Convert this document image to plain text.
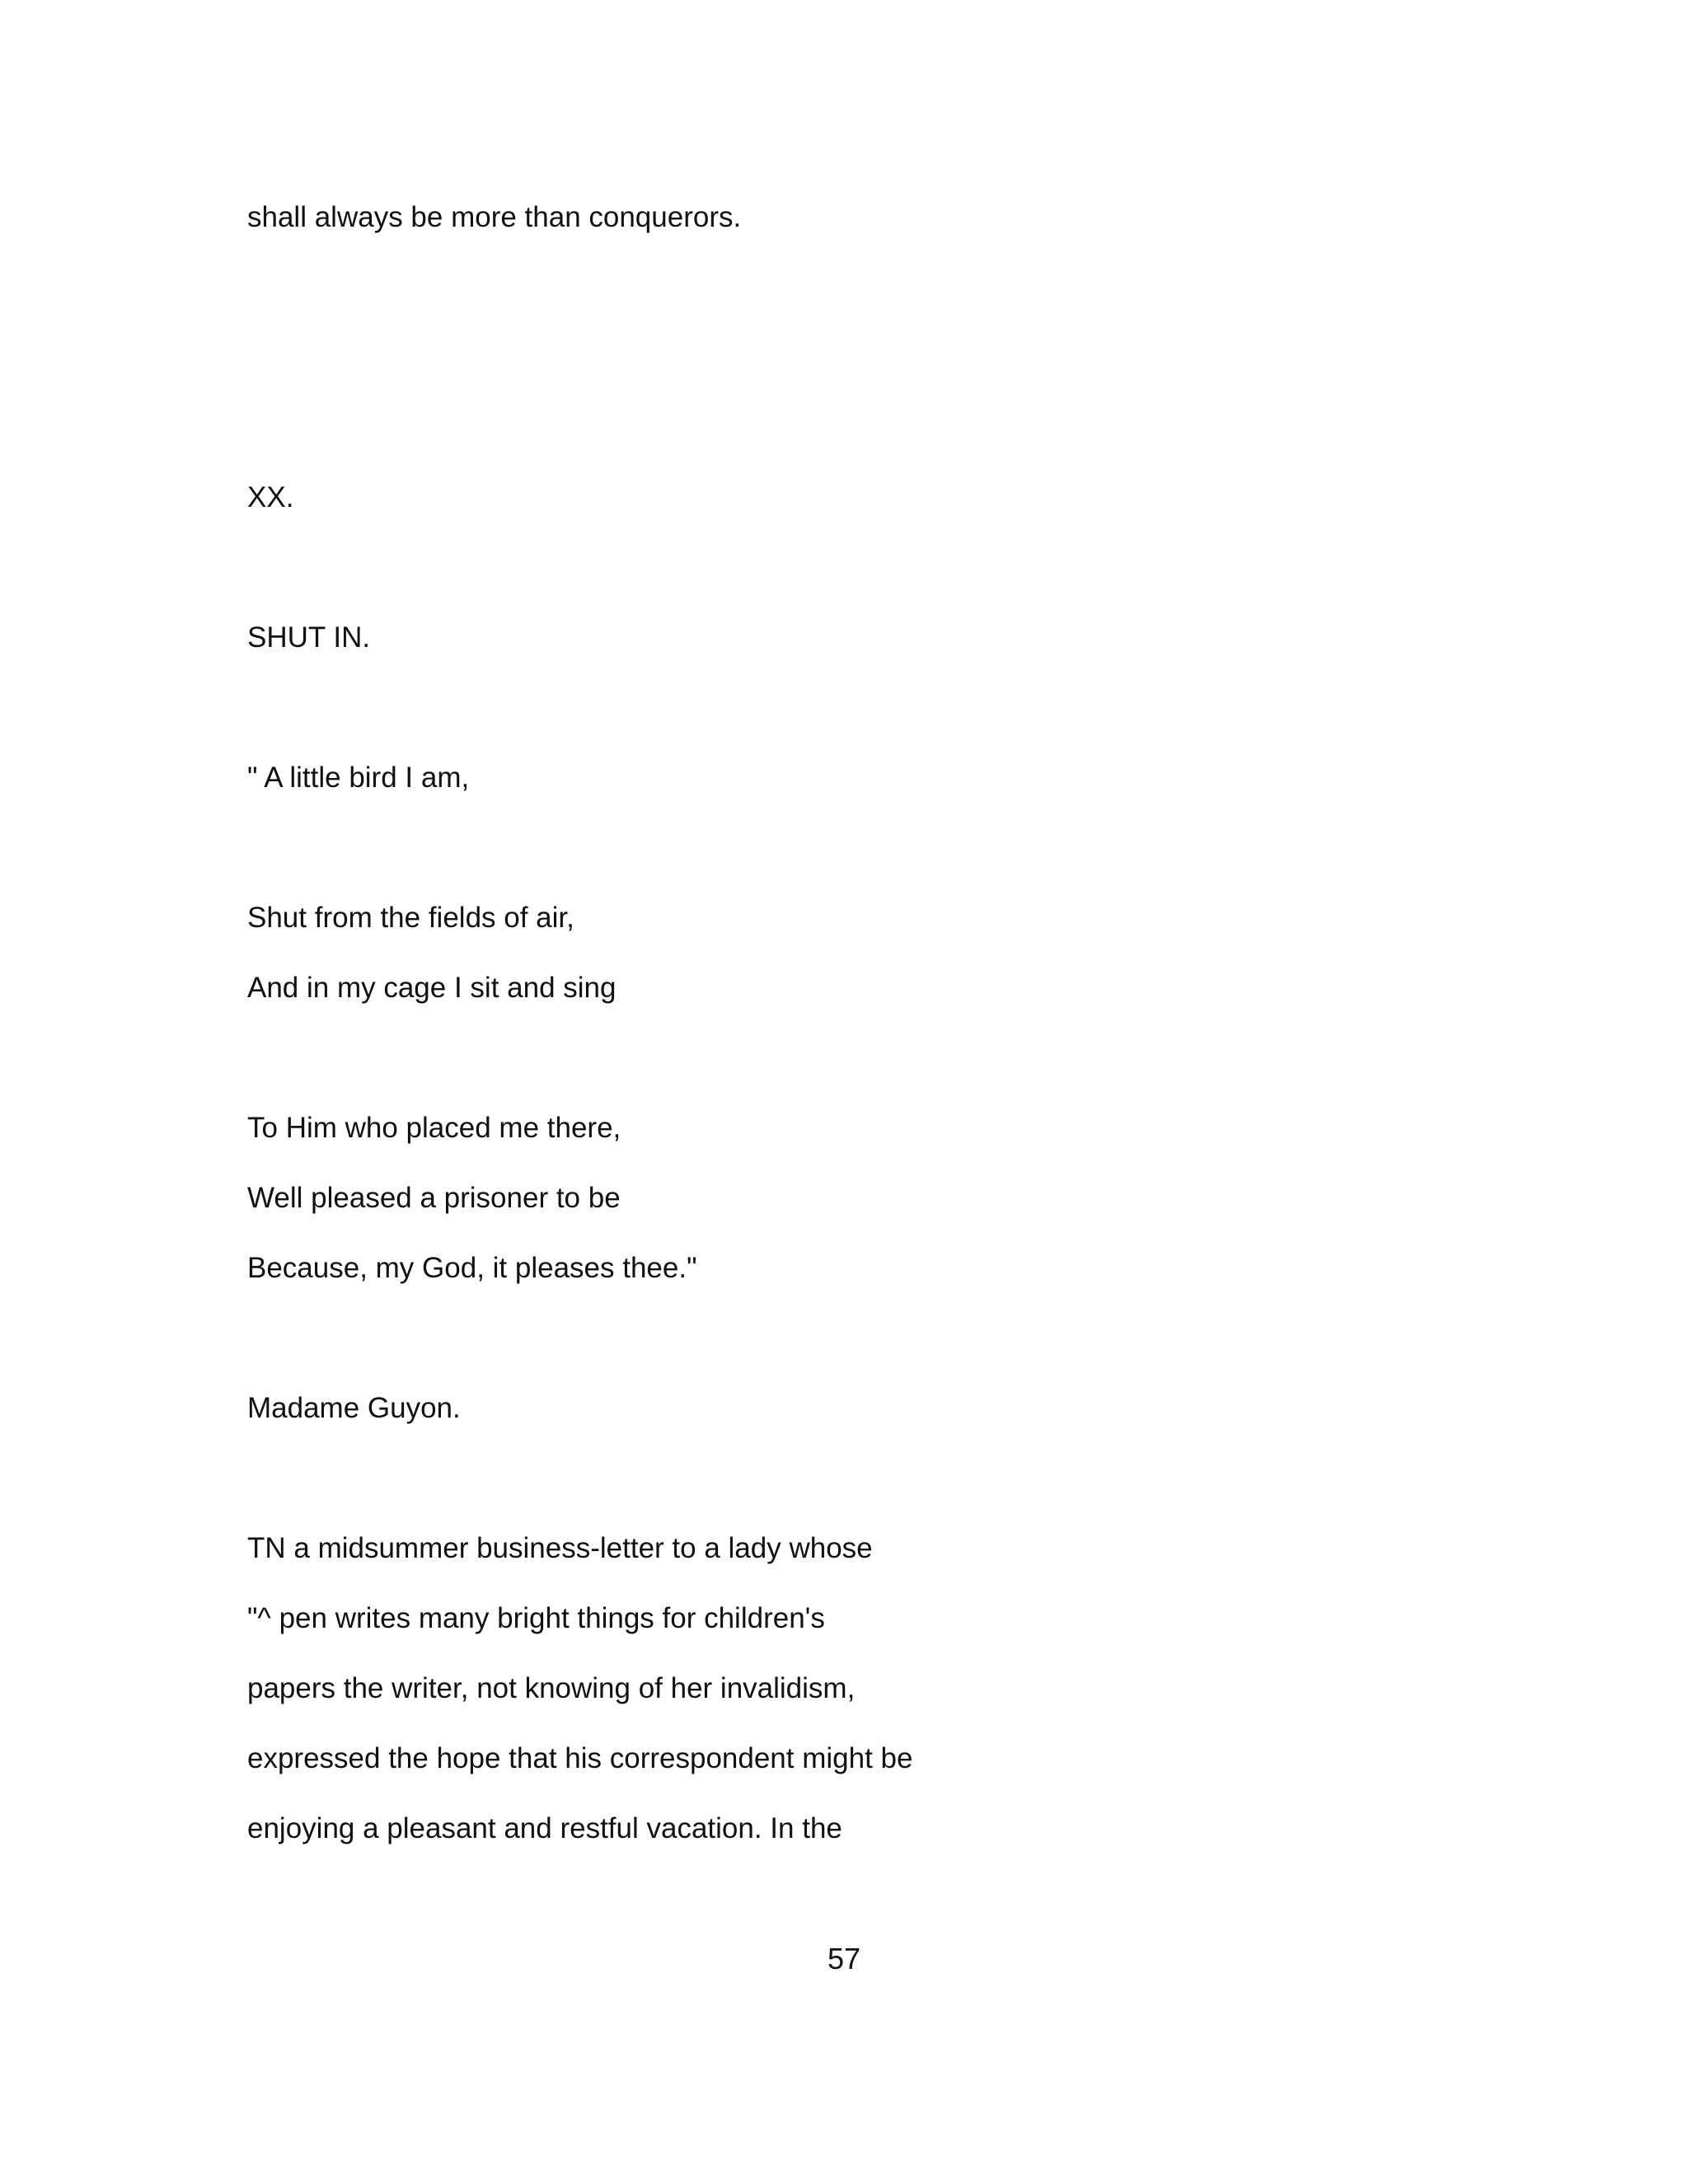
shall always be more than conquerors.

XX.

SHUT IN.

" A little bird I am,

Shut from the fields of air,

And in my cage I sit and sing

To Him who placed me there,

Well pleased a prisoner to be

Because, my God, it pleases thee."

Madame Guyon.

TN a midsummer business-letter to a lady whose

"^ pen writes many bright things for children's

papers the writer, not knowing of her invalidism,

expressed the hope that his correspondent might be

enjoying a pleasant and restful vacation. In the

57
